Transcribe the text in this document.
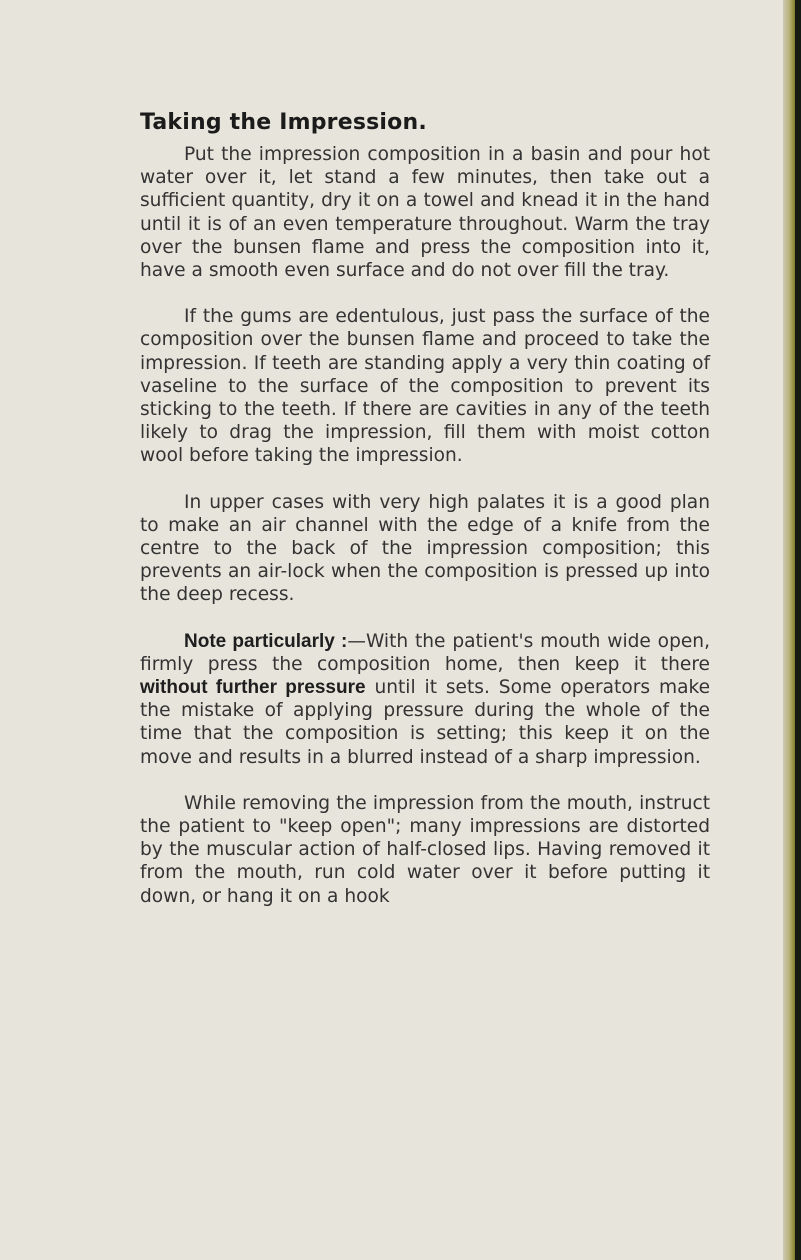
Taking the Impression.

Put the impression composition in a basin and pour hot water over it, let stand a few minutes, then take out a sufficient quantity, dry it on a towel and knead it in the hand until it is of an even temperature throughout. Warm the tray over the bunsen flame and press the composition into it, have a smooth even surface and do not over fill the tray.

If the gums are edentulous, just pass the surface of the composition over the bunsen flame and proceed to take the impression. If teeth are standing apply a very thin coating of vaseline to the surface of the composition to prevent its sticking to the teeth. If there are cavities in any of the teeth likely to drag the impression, fill them with moist cotton wool before taking the impression.

In upper cases with very high palates it is a good plan to make an air channel with the edge of a knife from the centre to the back of the impression composition; this prevents an air-lock when the composition is pressed up into the deep recess.

Note particularly :—With the patient's mouth wide open, firmly press the composition home, then keep it there without further pressure until it sets. Some operators make the mistake of applying pressure during the whole of the time that the composition is setting; this keep it on the move and results in a blurred instead of a sharp impression.

While removing the impression from the mouth, instruct the patient to "keep open"; many impressions are distorted by the muscular action of half-closed lips. Having removed it from the mouth, run cold water over it before putting it down, or hang it on a hook
